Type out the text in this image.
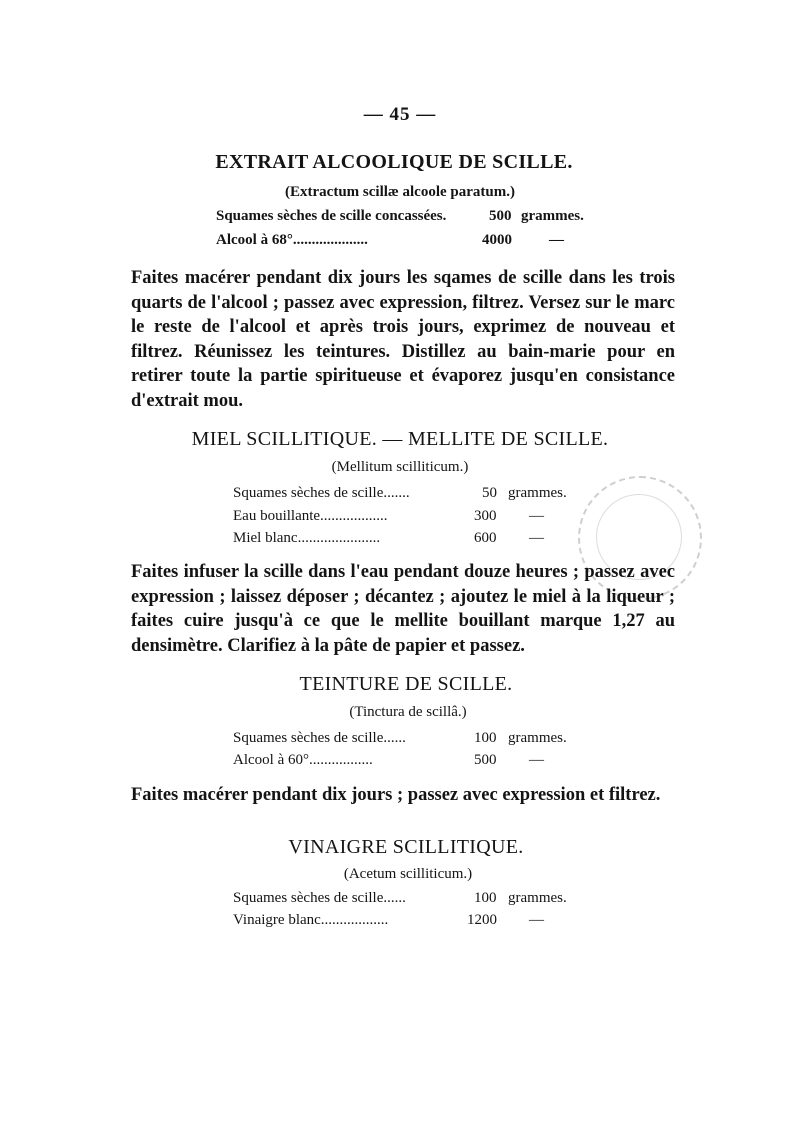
— 45 —
EXTRAIT ALCOOLIQUE DE SCILLE.
(Extractum scillæ alcoole paratum.)
Squames sèches de scille concassées.	500 grammes.
Alcool à 68°....................	4000 —
Faites macérer pendant dix jours les sqames de scille dans les trois quarts de l'alcool ; passez avec expression, filtrez. Versez sur le marc le reste de l'alcool et après trois jours, exprimez de nouveau et filtrez. Réunissez les teintures. Distillez au bain-marie pour en retirer toute la partie spiritueuse et évaporez jusqu'en consistance d'extrait mou.
MIEL SCILLITIQUE. — MELLITE DE SCILLE.
(Mellitum scilliticum.)
Squames sèches de scille.......	50 grammes.
Eau bouillante..................	300 —
Miel blanc......................	600 —
Faites infuser la scille dans l'eau pendant douze heures ; passez avec expression ; laissez déposer ; décantez ; ajoutez le miel à la liqueur ; faites cuire jusqu'à ce que le mellite bouillant marque 1,27 au densimètre. Clarifiez à la pâte de papier et passez.
TEINTURE DE SCILLE.
(Tinctura de scillâ.)
Squames sèches de scille......	100 grammes.
Alcool à 60°.................	500 —
Faites macérer pendant dix jours ; passez avec expression et filtrez.
VINAIGRE SCILLITIQUE.
(Acetum scilliticum.)
Squames sèches de scille......	100 grammes.
Vinaigre blanc..................	1200 —
